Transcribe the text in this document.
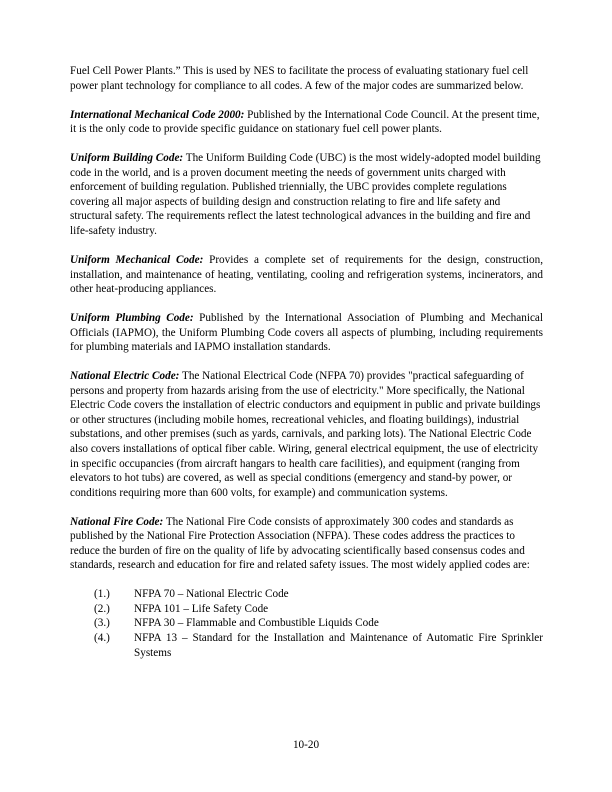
Fuel Cell Power Plants.” This is used by NES to facilitate the process of evaluating stationary fuel cell power plant technology for compliance to all codes. A few of the major codes are summarized below.

International Mechanical Code 2000: Published by the International Code Council. At the present time, it is the only code to provide specific guidance on stationary fuel cell power plants.

Uniform Building Code: The Uniform Building Code (UBC) is the most widely-adopted model building code in the world, and is a proven document meeting the needs of government units charged with enforcement of building regulation. Published triennially, the UBC provides complete regulations covering all major aspects of building design and construction relating to fire and life safety and structural safety. The requirements reflect the latest technological advances in the building and fire and life-safety industry.

Uniform Mechanical Code: Provides a complete set of requirements for the design, construction, installation, and maintenance of heating, ventilating, cooling and refrigeration systems, incinerators, and other heat-producing appliances.

Uniform Plumbing Code: Published by the International Association of Plumbing and Mechanical Officials (IAPMO), the Uniform Plumbing Code covers all aspects of plumbing, including requirements for plumbing materials and IAPMO installation standards.

National Electric Code: The National Electrical Code (NFPA 70) provides "practical safeguarding of persons and property from hazards arising from the use of electricity." More specifically, the National Electric Code covers the installation of electric conductors and equipment in public and private buildings or other structures (including mobile homes, recreational vehicles, and floating buildings), industrial substations, and other premises (such as yards, carnivals, and parking lots). The National Electric Code also covers installations of optical fiber cable. Wiring, general electrical equipment, the use of electricity in specific occupancies (from aircraft hangars to health care facilities), and equipment (ranging from elevators to hot tubs) are covered, as well as special conditions (emergency and stand-by power, or conditions requiring more than 600 volts, for example) and communication systems.

National Fire Code: The National Fire Code consists of approximately 300 codes and standards as published by the National Fire Protection Association (NFPA). These codes address the practices to reduce the burden of fire on the quality of life by advocating scientifically based consensus codes and standards, research and education for fire and related safety issues. The most widely applied codes are:

(1.) NFPA 70 – National Electric Code
(2.) NFPA 101 – Life Safety Code
(3.) NFPA 30 – Flammable and Combustible Liquids Code
(4.) NFPA 13 – Standard for the Installation and Maintenance of Automatic Fire Sprinkler Systems
10-20
